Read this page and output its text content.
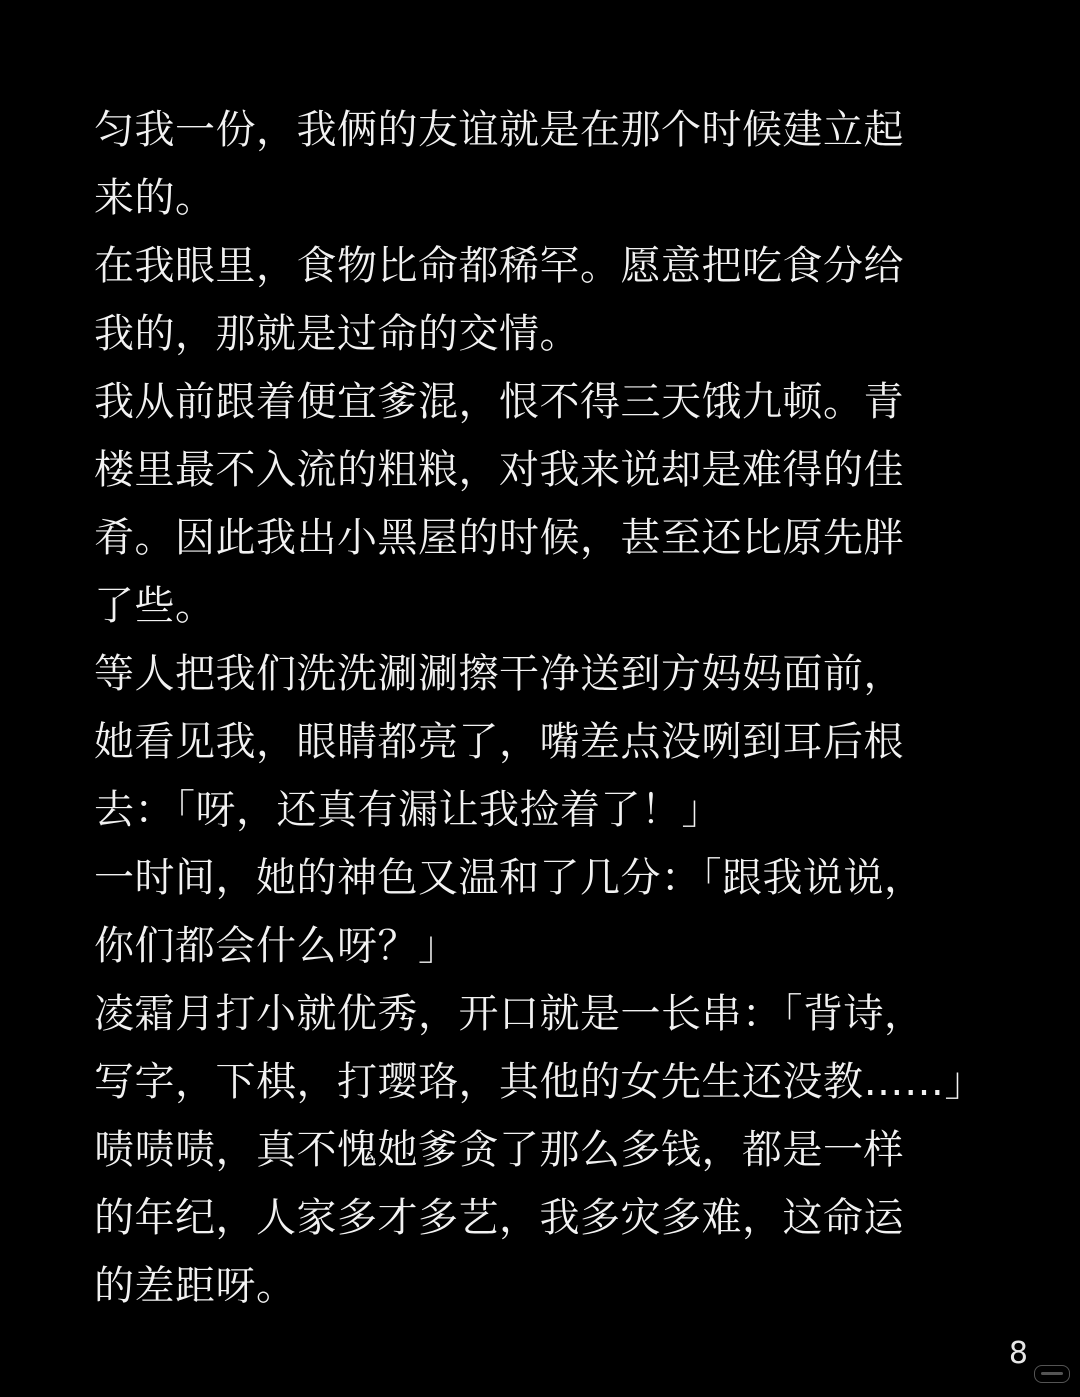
匀我一份，我俩的友谊就是在那个时候建立起
来的。
在我眼里，食物比命都稀罕。愿意把吃食分给
我的，那就是过命的交情。
我从前跟着便宜爹混，恨不得三天饿九顿。青
楼里最不入流的粗粮，对我来说却是难得的佳
肴。因此我出小黑屋的时候，甚至还比原先胖
了些。
等人把我们洗洗涮涮擦干净送到方妈妈面前，
她看见我，眼睛都亮了，嘴差点没咧到耳后根
去：「呀，还真有漏让我捡着了！」
一时间，她的神色又温和了几分：「跟我说说，
你们都会什么呀？」
凌霜月打小就优秀，开口就是一长串：「背诗，
写字，下棋，打璎珞，其他的女先生还没教……」
啧啧啧，真不愧她爹贪了那么多钱，都是一样
的年纪，人家多才多艺，我多灾多难，这命运
的差距呀。
8
